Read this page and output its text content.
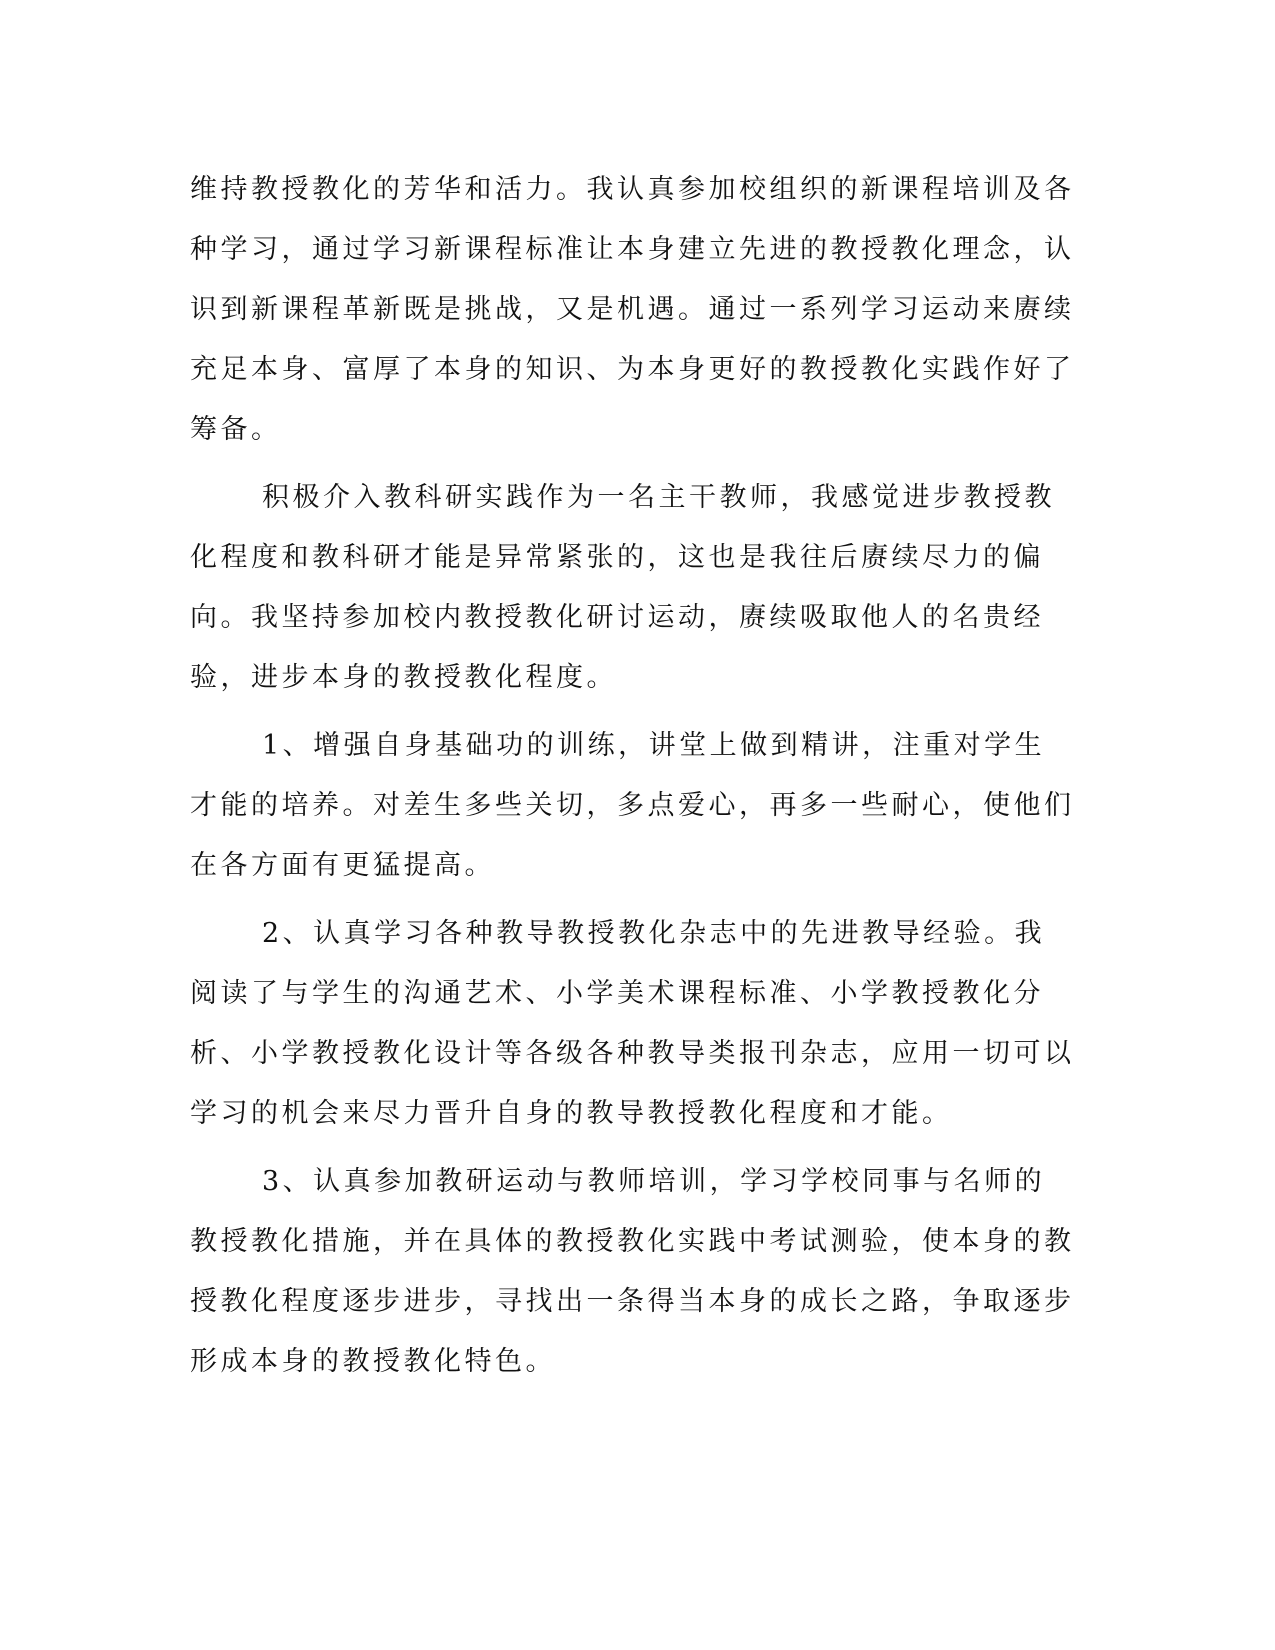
维持教授教化的芳华和活力。我认真参加校组织的新课程培训及各种学习，通过学习新课程标准让本身建立先进的教授教化理念，认识到新课程革新既是挑战，又是机遇。通过一系列学习运动来赓续充足本身、富厚了本身的知识、为本身更好的教授教化实践作好了筹备。

积极介入教科研实践作为一名主干教师，我感觉进步教授教化程度和教科研才能是异常紧张的，这也是我往后赓续尽力的偏向。我坚持参加校内教授教化研讨运动，赓续吸取他人的名贵经验，进步本身的教授教化程度。

1、增强自身基础功的训练，讲堂上做到精讲，注重对学生才能的培养。对差生多些关切，多点爱心，再多一些耐心，使他们在各方面有更猛提高。

2、认真学习各种教导教授教化杂志中的先进教导经验。我阅读了与学生的沟通艺术、小学美术课程标准、小学教授教化分析、小学教授教化设计等各级各种教导类报刊杂志，应用一切可以学习的机会来尽力晋升自身的教导教授教化程度和才能。

3、认真参加教研运动与教师培训，学习学校同事与名师的教授教化措施，并在具体的教授教化实践中考试测验，使本身的教授教化程度逐步进步，寻找出一条得当本身的成长之路，争取逐步形成本身的教授教化特色。
